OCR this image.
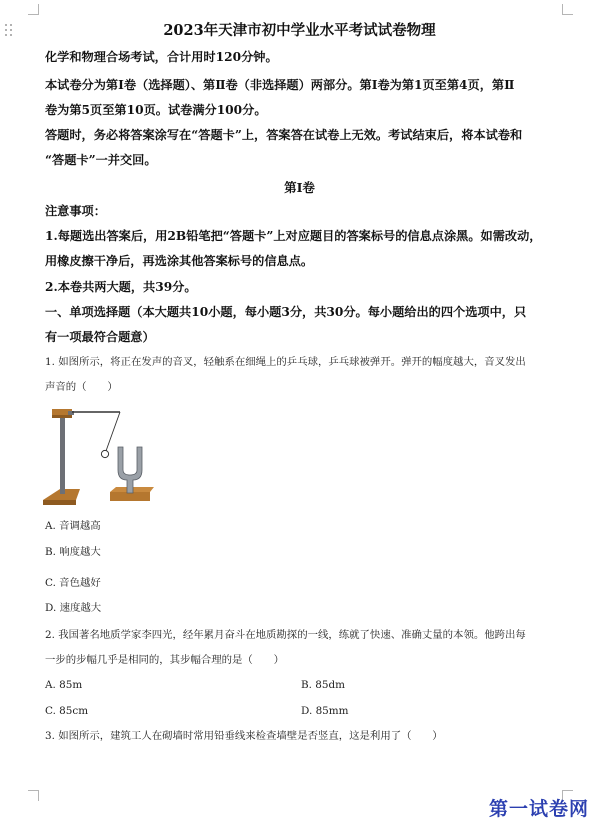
2023年天津市初中学业水平考试试卷物理
化学和物理合场考试，合计用时120分钟。
本试卷分为第Ⅰ卷（选择题）、第Ⅱ卷（非选择题）两部分。第Ⅰ卷为第1页至第4页，第Ⅱ
卷为第5页至第10页。试卷满分100分。
答题时，务必将答案涂写在“答题卡”上，答案答在试卷上无效。考试结束后，将本试卷和
“答题卡”一并交回。
第Ⅰ卷
注意事项：
1.每题选出答案后，用2B铅笔把“答题卡”上对应题目的答案标号的信息点涂黑。如需改动，
用橡皮擦干净后，再选涂其他答案标号的信息点。
2.本卷共两大题，共39分。
一、单项选择题（本大题共10小题，每小题3分，共30分。每小题给出的四个选项中，只
有一项最符合题意）
1. 如图所示，将正在发声的音叉，轻触系在细绳上的乒乓球，乒乓球被弹开。弹开的幅度越大，音叉发出
声音的（　　）
A. 音调越高
B. 响度越大
C. 音色越好
D. 速度越大
2. 我国著名地质学家李四光，经年累月奋斗在地质勘探的一线，练就了快速、准确丈量的本领。他跨出每
一步的步幅几乎是相同的，其步幅合理的是（　　）
A. 85m	B. 85dm
C. 85cm	D. 85mm
3. 如图所示，建筑工人在砌墙时常用铅垂线来检查墙壁是否竖直，这是利用了（　　）
第一试卷网
